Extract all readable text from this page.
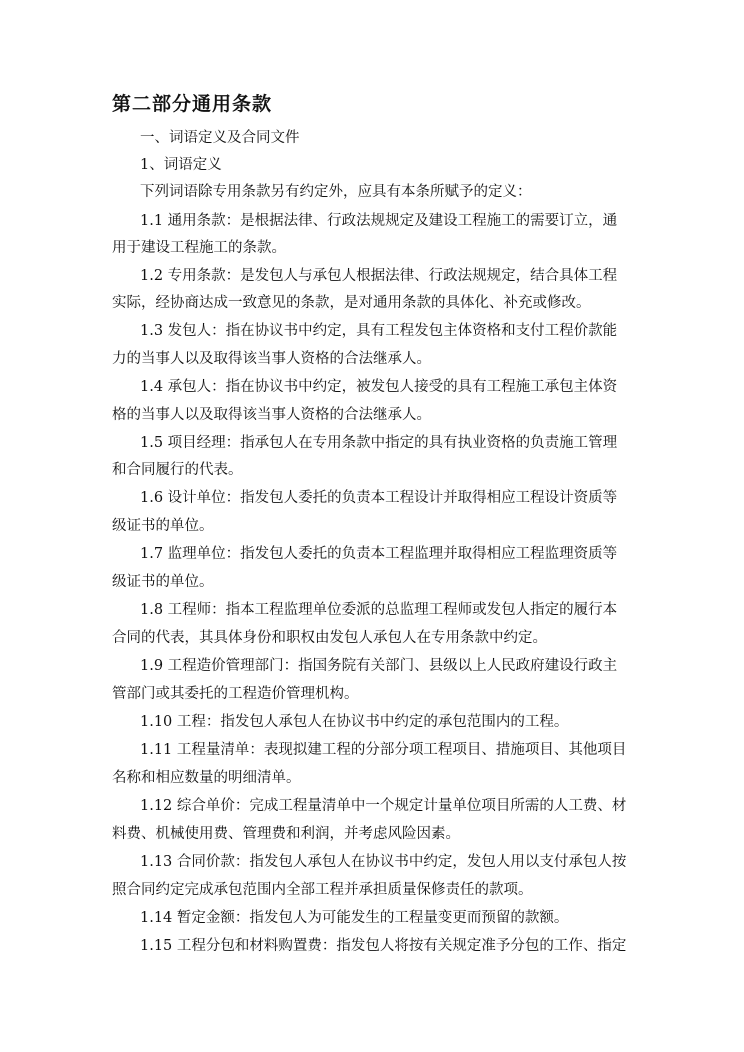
第二部分通用条款
一、词语定义及合同文件
1、词语定义
下列词语除专用条款另有约定外，应具有本条所赋予的定义：
1.1 通用条款：是根据法律、行政法规规定及建设工程施工的需要订立，通
用于建设工程施工的条款。
1.2 专用条款：是发包人与承包人根据法律、行政法规规定，结合具体工程
实际，经协商达成一致意见的条款，是对通用条款的具体化、补充或修改。
1.3 发包人：指在协议书中约定，具有工程发包主体资格和支付工程价款能
力的当事人以及取得该当事人资格的合法继承人。
1.4 承包人：指在协议书中约定，被发包人接受的具有工程施工承包主体资
格的当事人以及取得该当事人资格的合法继承人。
1.5 项目经理：指承包人在专用条款中指定的具有执业资格的负责施工管理
和合同履行的代表。
1.6 设计单位：指发包人委托的负责本工程设计并取得相应工程设计资质等
级证书的单位。
1.7 监理单位：指发包人委托的负责本工程监理并取得相应工程监理资质等
级证书的单位。
1.8 工程师：指本工程监理单位委派的总监理工程师或发包人指定的履行本
合同的代表，其具体身份和职权由发包人承包人在专用条款中约定。
1.9 工程造价管理部门：指国务院有关部门、县级以上人民政府建设行政主
管部门或其委托的工程造价管理机构。
1.10 工程：指发包人承包人在协议书中约定的承包范围内的工程。
1.11 工程量清单：表现拟建工程的分部分项工程项目、措施项目、其他项目
名称和相应数量的明细清单。
1.12 综合单价：完成工程量清单中一个规定计量单位项目所需的人工费、材
料费、机械使用费、管理费和利润，并考虑风险因素。
1.13 合同价款：指发包人承包人在协议书中约定，发包人用以支付承包人按
照合同约定完成承包范围内全部工程并承担质量保修责任的款项。
1.14 暂定金额：指发包人为可能发生的工程量变更而预留的款额。
1.15 工程分包和材料购置费：指发包人将按有关规定准予分包的工作、指定
